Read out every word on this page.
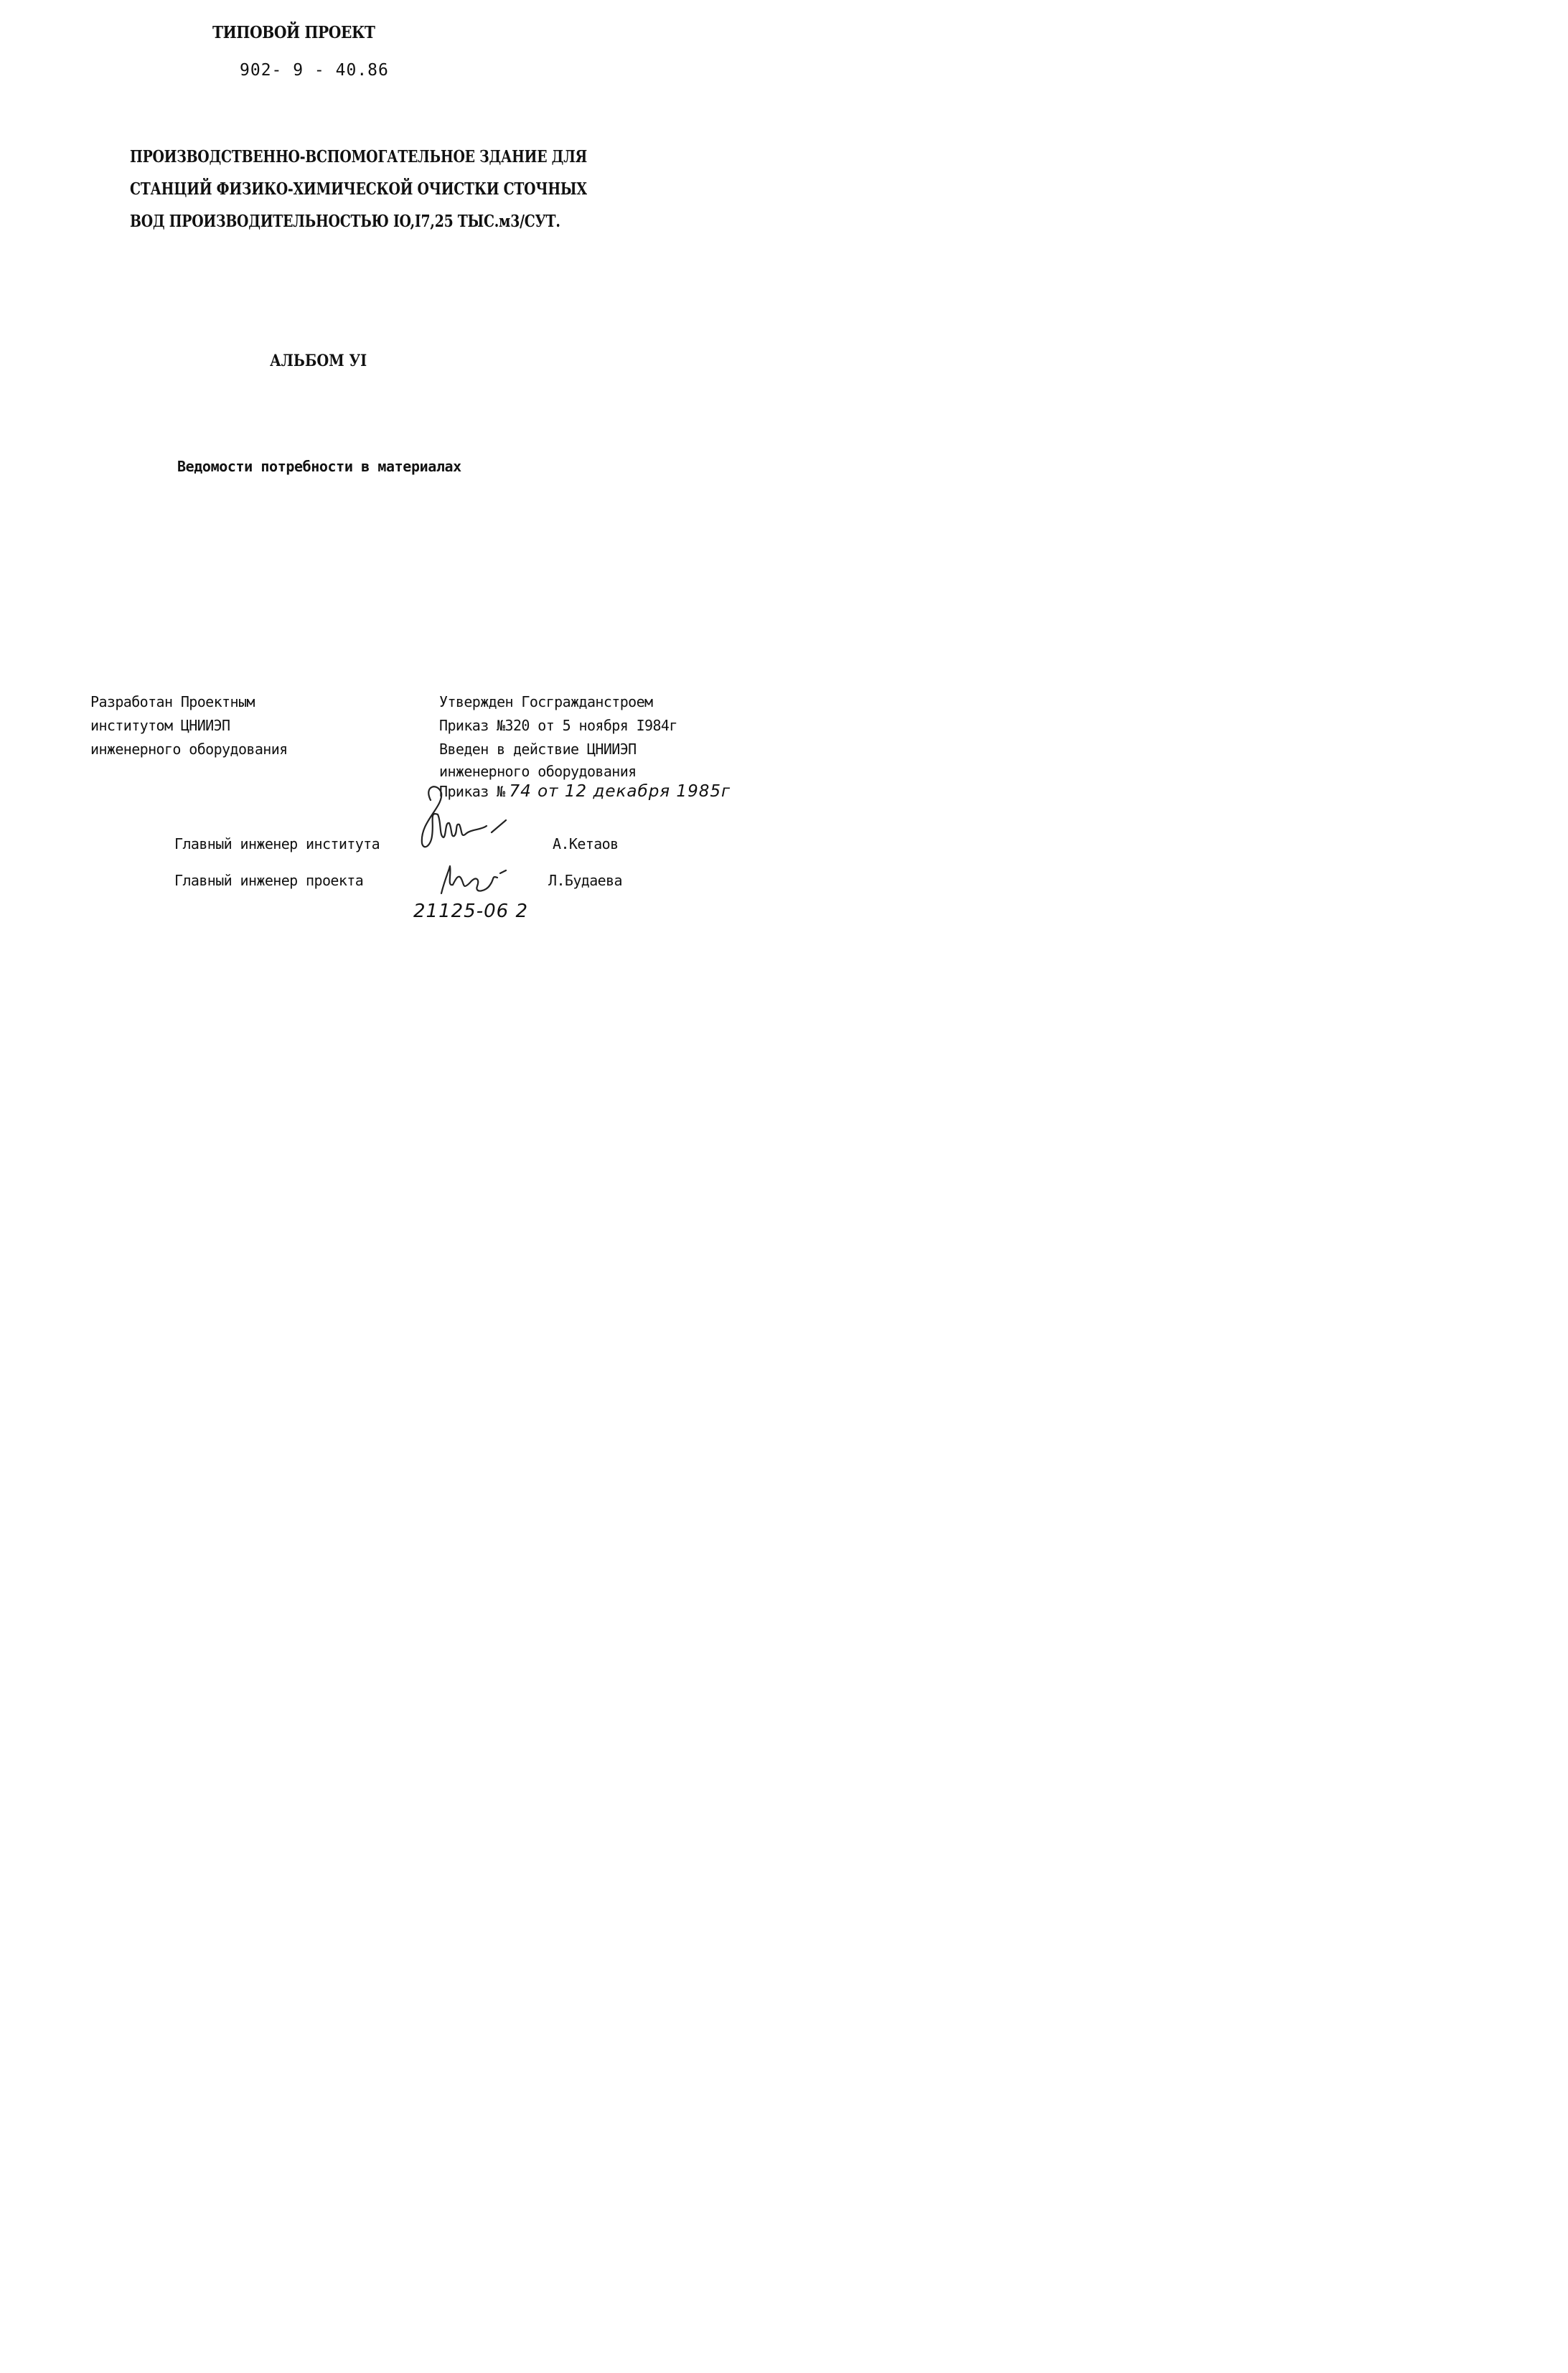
ТИПОВОЙ ПРОЕКТ
902- 9 - 40.86
ПРОИЗВОДСТВЕННО-ВСПОМОГАТЕЛЬНОЕ ЗДАНИЕ ДЛЯ
СТАНЦИЙ ФИЗИКО-ХИМИЧЕСКОЙ ОЧИСТКИ СТОЧНЫХ
ВОД ПРОИЗВОДИТЕЛЬНОСТЬЮ IO,I7,25 ТЫС.м3/СУТ.
АЛЬБОМ УI
Ведомости потребности в материалах
Разработан Проектным
институтом ЦНИИЭП
инженерного оборудования
Утвержден Госгражданстроем
Приказ №320 от 5 ноября I984г
Введен в действие ЦНИИЭП
инженерного оборудования
Приказ № 74 от 12 декабря 1985г
Главный инженер института	А.Кетаов
Главный инженер проекта	Л.Будаева
21125-06 2
